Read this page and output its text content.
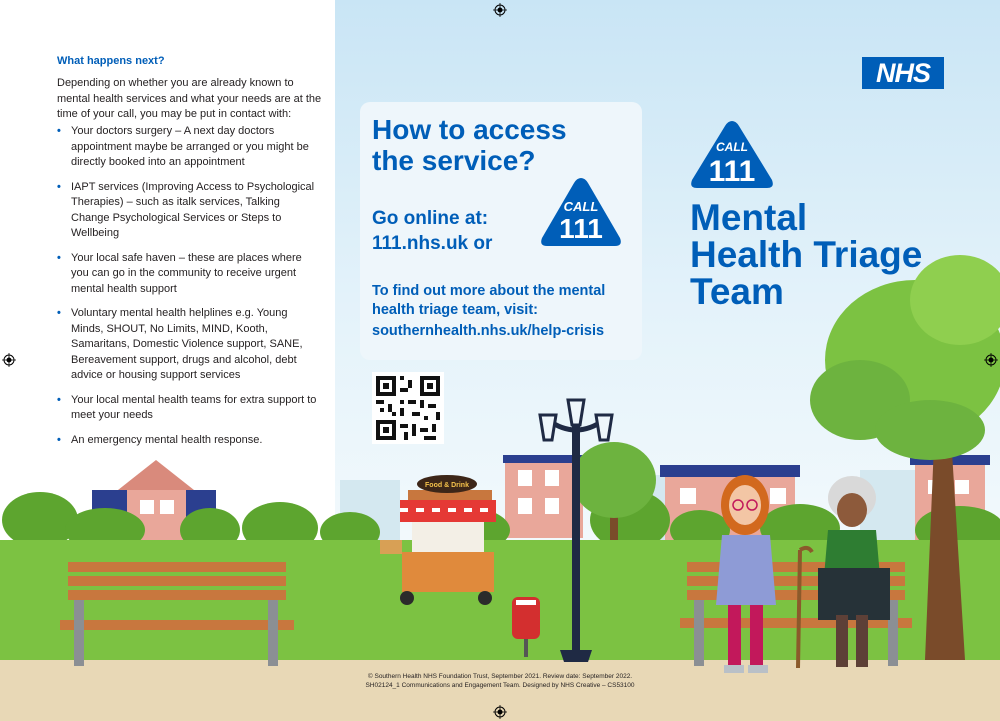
What happens next?
Depending on whether you are already known to mental health services and what your needs are at the time of your call, you may be put in contact with:
• Your doctors surgery – A next day doctors appointment maybe be arranged or you might be directly booked into an appointment
• IAPT services (Improving Access to Psychological Therapies) – such as italk services, Talking Change Psychological Services or Steps to Wellbeing
• Your local safe haven – these are places where you can go in the community to receive urgent mental health support
• Voluntary mental health helplines e.g. Young Minds, SHOUT, No Limits, MIND, Kooth, Samaritans, Domestic Violence support, SANE, Bereavement support, drugs and alcohol, debt advice or housing support services
• Your local mental health teams for extra support to meet your needs
• An emergency mental health response.
Food & Drink
NHS
How to access the service?
Go online at:
111.nhs.uk or
To find out more about the mental health triage team, visit:
southernhealth.nhs.uk/help-crisis
CALL
111
CALL
111
Mental
Health Triage
Team
© Southern Health NHS Foundation Trust, September 2021. Review date: September 2022.
SH02124_1 Communications and Engagement Team. Designed by NHS Creative – CS53100
